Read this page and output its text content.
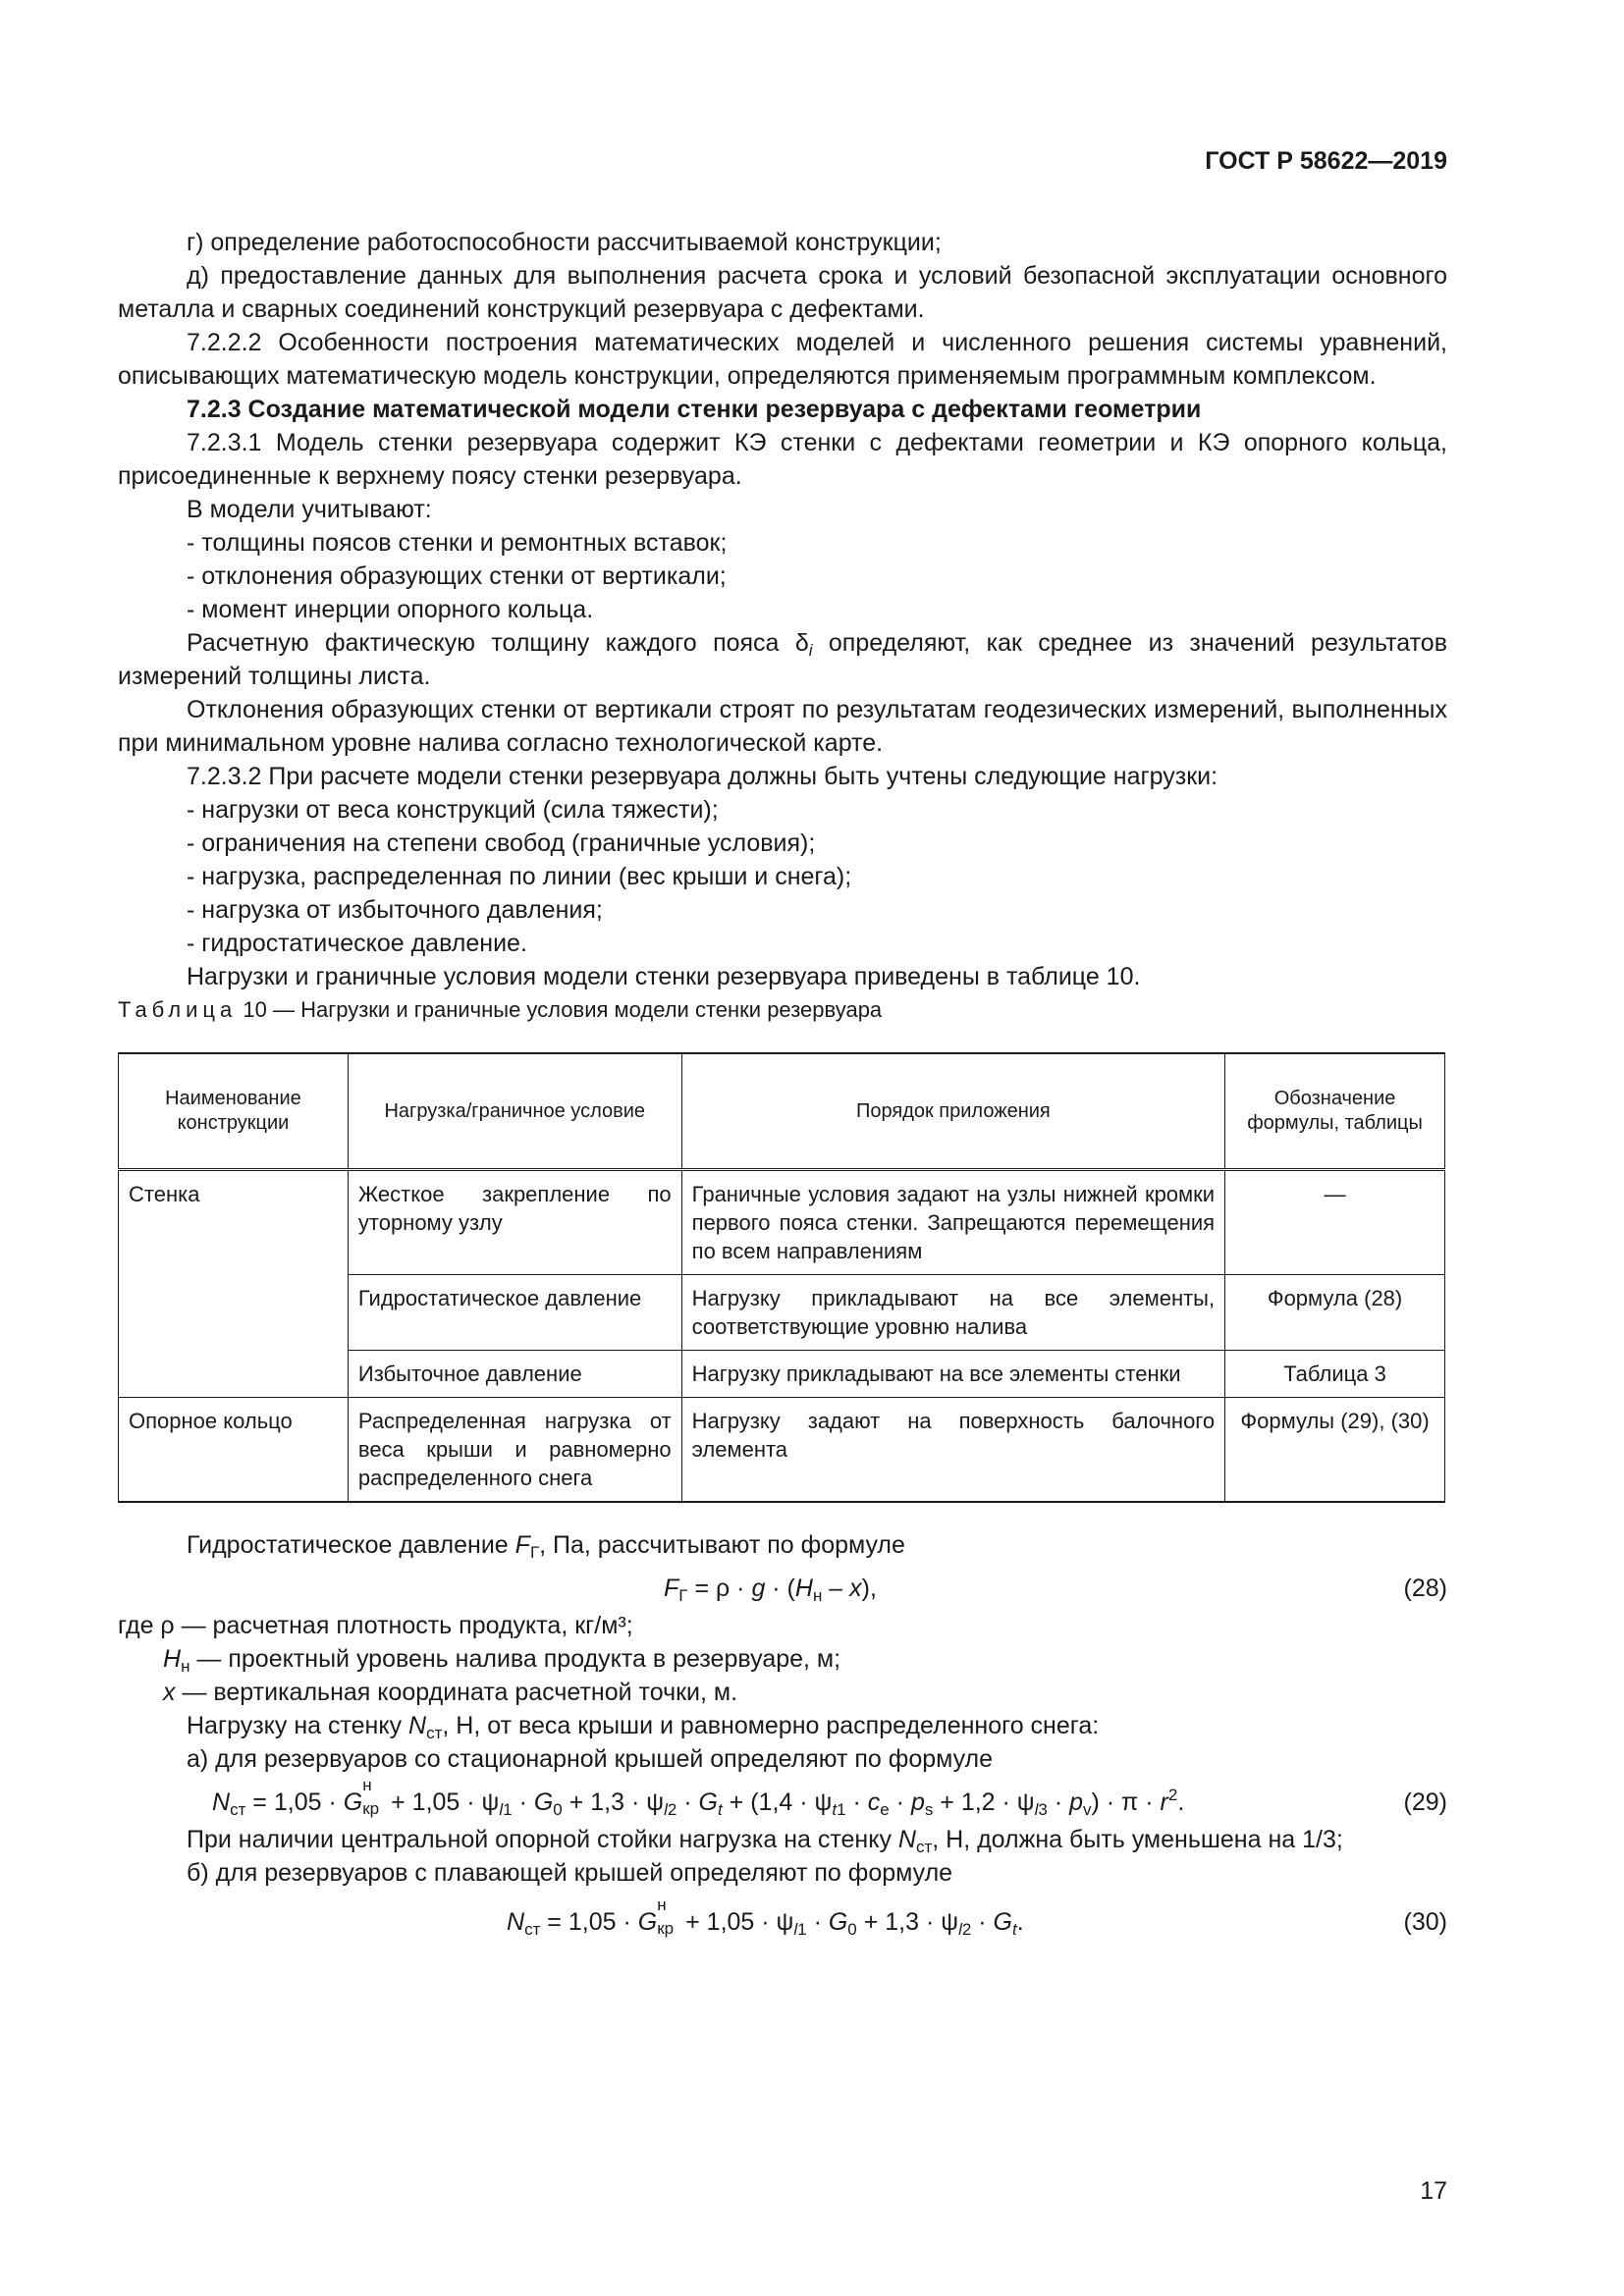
ГОСТ Р 58622—2019

г) определение работоспособности рассчитываемой конструкции;

д) предоставление данных для выполнения расчета срока и условий безопасной эксплуатации основного металла и сварных соединений конструкций резервуара с дефектами.

7.2.2.2 Особенности построения математических моделей и численного решения системы уравнений, описывающих математическую модель конструкции, определяются применяемым программным комплексом.

7.2.3 Создание математической модели стенки резервуара с дефектами геометрии

7.2.3.1 Модель стенки резервуара содержит КЭ стенки с дефектами геометрии и КЭ опорного кольца, присоединенные к верхнему поясу стенки резервуара.

В модели учитывают:

- толщины поясов стенки и ремонтных вставок;

- отклонения образующих стенки от вертикали;

- момент инерции опорного кольца.

Расчетную фактическую толщину каждого пояса $\delta_i$ определяют, как среднее из значений результатов измерений толщины листа.

Отклонения образующих стенки от вертикали строят по результатам геодезических измерений, выполненных при минимальном уровне налива согласно технологической карте.

7.2.3.2 При расчете модели стенки резервуара должны быть учтены следующие нагрузки:

- нагрузки от веса конструкций (сила тяжести);

- ограничения на степени свобод (граничные условия);

- нагрузка, распределенная по линии (вес крыши и снега);

- нагрузка от избыточного давления;

- гидростатическое давление.

Нагрузки и граничные условия модели стенки резервуара приведены в таблице 10.

Таблица 10 — Нагрузки и граничные условия модели стенки резервуара

Наименование конструкции	Нагрузка/граничное условие	Порядок приложения	Обозначение формулы, таблицы
Стенка	Жесткое закрепление по уторному узлу	Граничные условия задают на узлы нижней кромки первого пояса стенки. Запрещаются перемещения по всем направлениям	—
	Гидростатическое давление	Нагрузку прикладывают на все элементы, соответствующие уровню налива	Формула (28)
	Избыточное давление	Нагрузку прикладывают на все элементы стенки	Таблица 3
Опорное кольцо	Распределенная нагрузка от веса крыши и равномерно распределенного снега	Нагрузку задают на поверхность балочного элемента	Формулы (29), (30)

Гидростатическое давление $F_Г$, Па, рассчитывают по формуле

$F_Г = \rho \cdot g \cdot (H_н - x)$,	(28)

где ρ — расчетная плотность продукта, кг/м³;

$H_н$ — проектный уровень налива продукта в резервуаре, м;

x — вертикальная координата расчетной точки, м.

Нагрузку на стенку $N_{ст}$, Н, от веса крыши и равномерно распределенного снега:

а) для резервуаров со стационарной крышей определяют по формуле

$N_{ст} = 1,05 \cdot G$
н
кр + $1,05 \cdot \psi_{l1} \cdot G_0 + 1,3 \cdot \psi_{l2} \cdot G_t + (1,4 \cdot \psi_{t1} \cdot c_e \cdot p_s + 1,2 \cdot \psi_{l3} \cdot p_v) \cdot \pi \cdot r^2$.	(29)

При наличии центральной опорной стойки нагрузка на стенку $N_{ст}$, Н, должна быть уменьшена на 1/3;

б) для резервуаров с плавающей крышей определяют по формуле

$N_{ст} = 1,05 \cdot G$
н
кр + $1,05 \cdot \psi_{l1} \cdot G_0 + 1,3 \cdot \psi_{l2} \cdot G_t$.	(30)
17
